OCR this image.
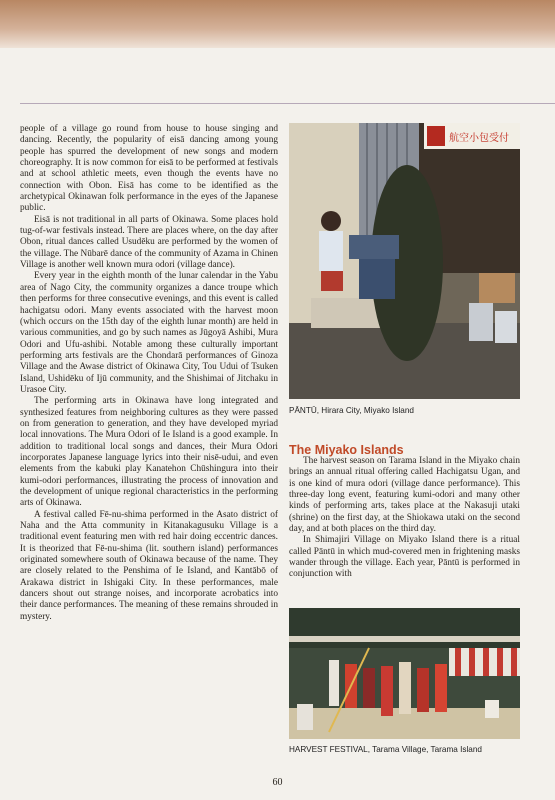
people of a village go round from house to house singing and dancing. Recently, the popularity of eisā dancing among young people has spurred the development of new songs and modern choreography. It is now common for eisā to be performed at festivals and at school athletic meets, even though the events have no connection with Obon. Eisā has come to be identified as the archetypical Okinawan folk performance in the eyes of the Japanese public.

Eisā is not traditional in all parts of Okinawa. Some places hold tug-of-war festivals instead. There are places where, on the day after Obon, ritual dances called Usudēku are performed by the women of the village. The Nūbarē dance of the community of Azama in Chinen Village is another well known mura odori (village dance).

Every year in the eighth month of the lunar calendar in the Yabu area of Nago City, the community organizes a dance troupe which then performs for three consecutive evenings, and this event is called hachigatsu odori. Many events associated with the harvest moon (which occurs on the 15th day of the eighth lunar month) are held in various communities, and go by such names as Jūgoyā Ashibi, Mura Odori and Ufu-ashibi. Notable among these culturally important performing arts festivals are the Chondarā performances of Ginoza Village and the Awase district of Okinawa City, Tou Udui of Tsuken Island, Ushidēku of Ijū community, and the Shishimai of Jitchaku in Urasoe City.

The performing arts in Okinawa have long integrated and synthesized features from neighboring cultures as they were passed on from generation to generation, and they have developed myriad local innovations. The Mura Odori of Ie Island is a good example. In addition to traditional local songs and dances, their Mura Odori incorporates Japanese language lyrics into their nisē-udui, and even elements from the kabuki play Kanatehon Chūshingura into their kumi-odori performances, illustrating the process of innovation and the development of unique regional characteristics in the performing arts of Okinawa.

A festival called Fē-nu-shima performed in the Asato district of Naha and the Atta community in Kitanakagusuku Village is a traditional event featuring men with red hair doing eccentric dances. It is theorized that Fē-nu-shima (lit. southern island) performances originated somewhere south of Okinawa because of the name. They are closely related to the Penshima of Ie Island, and Kantābō of Arakawa district in Ishigaki City. In these performances, male dancers shout out strange noises, and incorporate acrobatics into their dance performances. The meaning of these remains shrouded in mystery.

航空小包受付

PĀNTŪ, Hirara City, Miyako Island

The Miyako Islands

The harvest season on Tarama Island in the Miyako chain brings an annual ritual offering called Hachigatsu Ugan, and is one kind of mura odori (village dance performance). This three-day long event, featuring kumi-odori and many other kinds of performing arts, takes place at the Nakasuji utaki (shrine) on the first day, at the Shiokawa utaki on the second day, and at both places on the third day.

In Shimajiri Village on Miyako Island there is a ritual called Pāntū in which mud-covered men in frightening masks wander through the village. Each year, Pāntū is performed in conjunction with

HARVEST FESTIVAL, Tarama Village, Tarama Island

60
